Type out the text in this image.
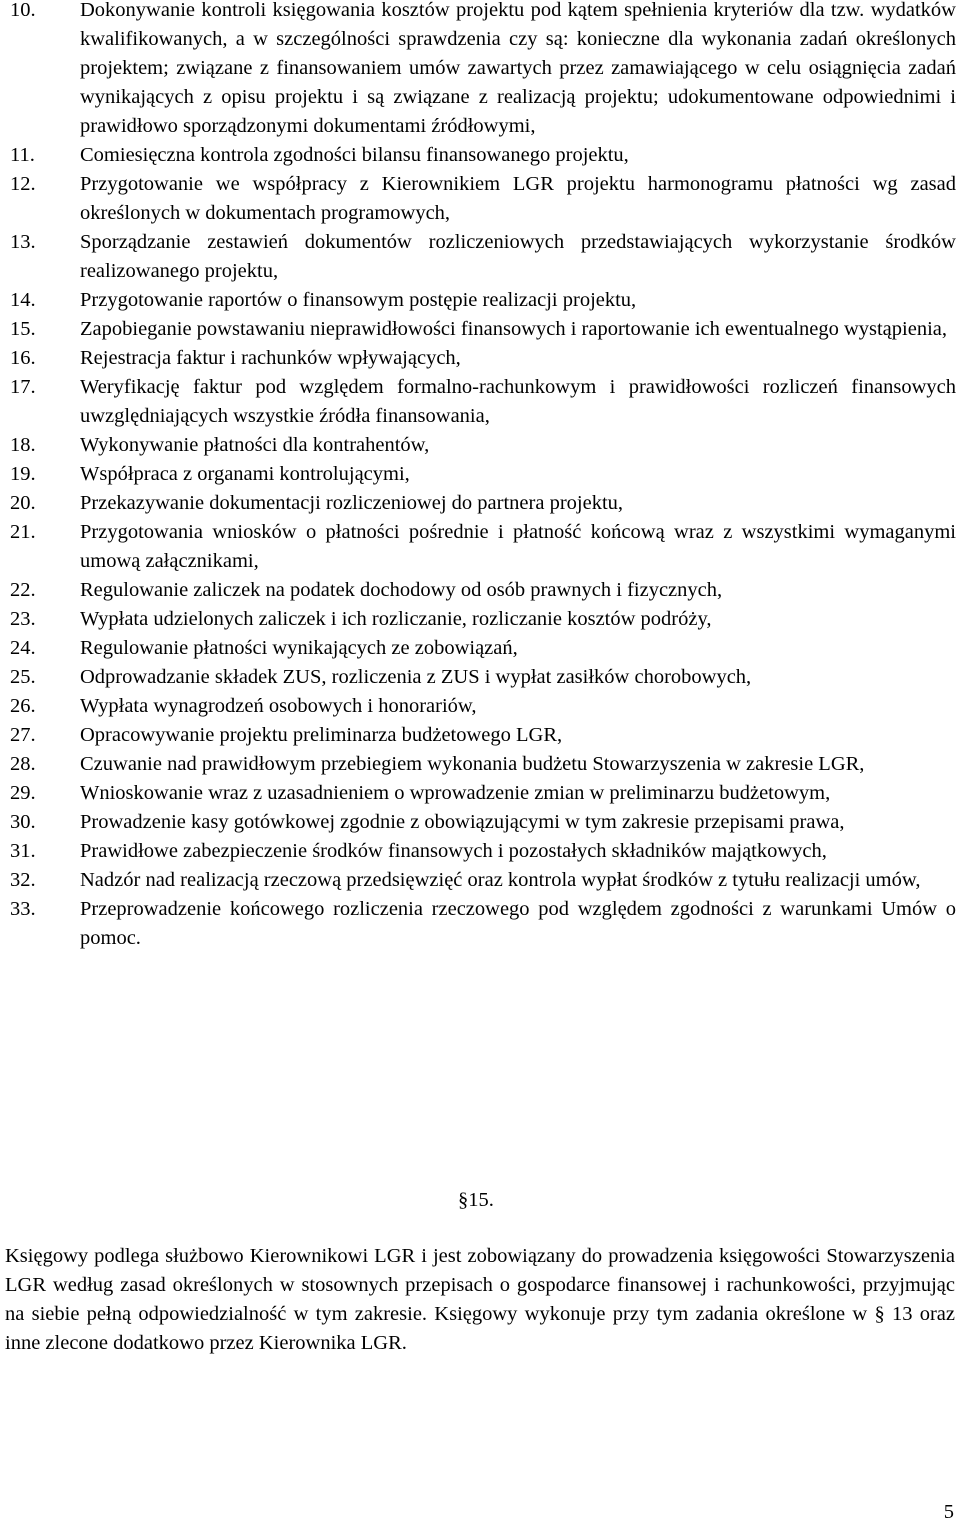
10.	Dokonywanie kontroli księgowania kosztów projektu pod kątem spełnienia kryteriów dla tzw. wydatków kwalifikowanych, a w szczególności sprawdzenia czy są: konieczne dla wykonania zadań określonych projektem; związane z finansowaniem umów zawartych przez zamawiającego w celu osiągnięcia zadań wynikających z opisu projektu i są związane z realizacją projektu; udokumentowane odpowiednimi i prawidłowo sporządzonymi dokumentami źródłowymi,
11.	Comiesięczna kontrola zgodności bilansu finansowanego projektu,
12.	Przygotowanie we współpracy z Kierownikiem LGR projektu harmonogramu płatności wg zasad określonych w dokumentach programowych,
13.	Sporządzanie zestawień dokumentów rozliczeniowych przedstawiających wykorzystanie środków realizowanego projektu,
14.	Przygotowanie raportów o finansowym postępie realizacji projektu,
15.	Zapobieganie powstawaniu nieprawidłowości finansowych i raportowanie ich ewentualnego wystąpienia,
16.	Rejestracja faktur i rachunków wpływających,
17.	Weryfikację faktur pod względem formalno-rachunkowym i prawidłowości rozliczeń finansowych uwzględniających wszystkie źródła finansowania,
18.	Wykonywanie płatności dla kontrahentów,
19.	Współpraca z organami kontrolującymi,
20.	Przekazywanie dokumentacji rozliczeniowej do partnera projektu,
21.	Przygotowania wniosków o płatności pośrednie i płatność końcową wraz z wszystkimi wymaganymi umową załącznikami,
22.	Regulowanie zaliczek na podatek dochodowy od osób prawnych i fizycznych,
23.	Wypłata udzielonych zaliczek i ich rozliczanie, rozliczanie kosztów podróży,
24.	Regulowanie płatności wynikających ze zobowiązań,
25.	Odprowadzanie składek ZUS, rozliczenia z ZUS i wypłat zasiłków chorobowych,
26.	Wypłata wynagrodzeń osobowych i honorariów,
27.	Opracowywanie projektu preliminarza budżetowego LGR,
28.	Czuwanie nad prawidłowym przebiegiem wykonania budżetu Stowarzyszenia w zakresie LGR,
29.	Wnioskowanie wraz z uzasadnieniem o wprowadzenie zmian w preliminarzu budżetowym,
30.	Prowadzenie kasy gotówkowej zgodnie z obowiązującymi w tym zakresie przepisami prawa,
31.	Prawidłowe zabezpieczenie środków finansowych i pozostałych składników majątkowych,
32.	Nadzór nad realizacją rzeczową przedsięwzięć oraz kontrola wypłat środków z tytułu realizacji umów,
33.	Przeprowadzenie końcowego rozliczenia rzeczowego pod względem zgodności z warunkami Umów o pomoc.
§15.

Księgowy podlega służbowo Kierownikowi LGR i jest zobowiązany do prowadzenia księgowości Stowarzyszenia LGR według zasad określonych w stosownych przepisach o gospodarce finansowej i rachunkowości, przyjmując na siebie pełną odpowiedzialność w tym zakresie. Księgowy wykonuje przy tym zadania określone w § 13 oraz inne zlecone dodatkowo przez Kierownika LGR.

5
